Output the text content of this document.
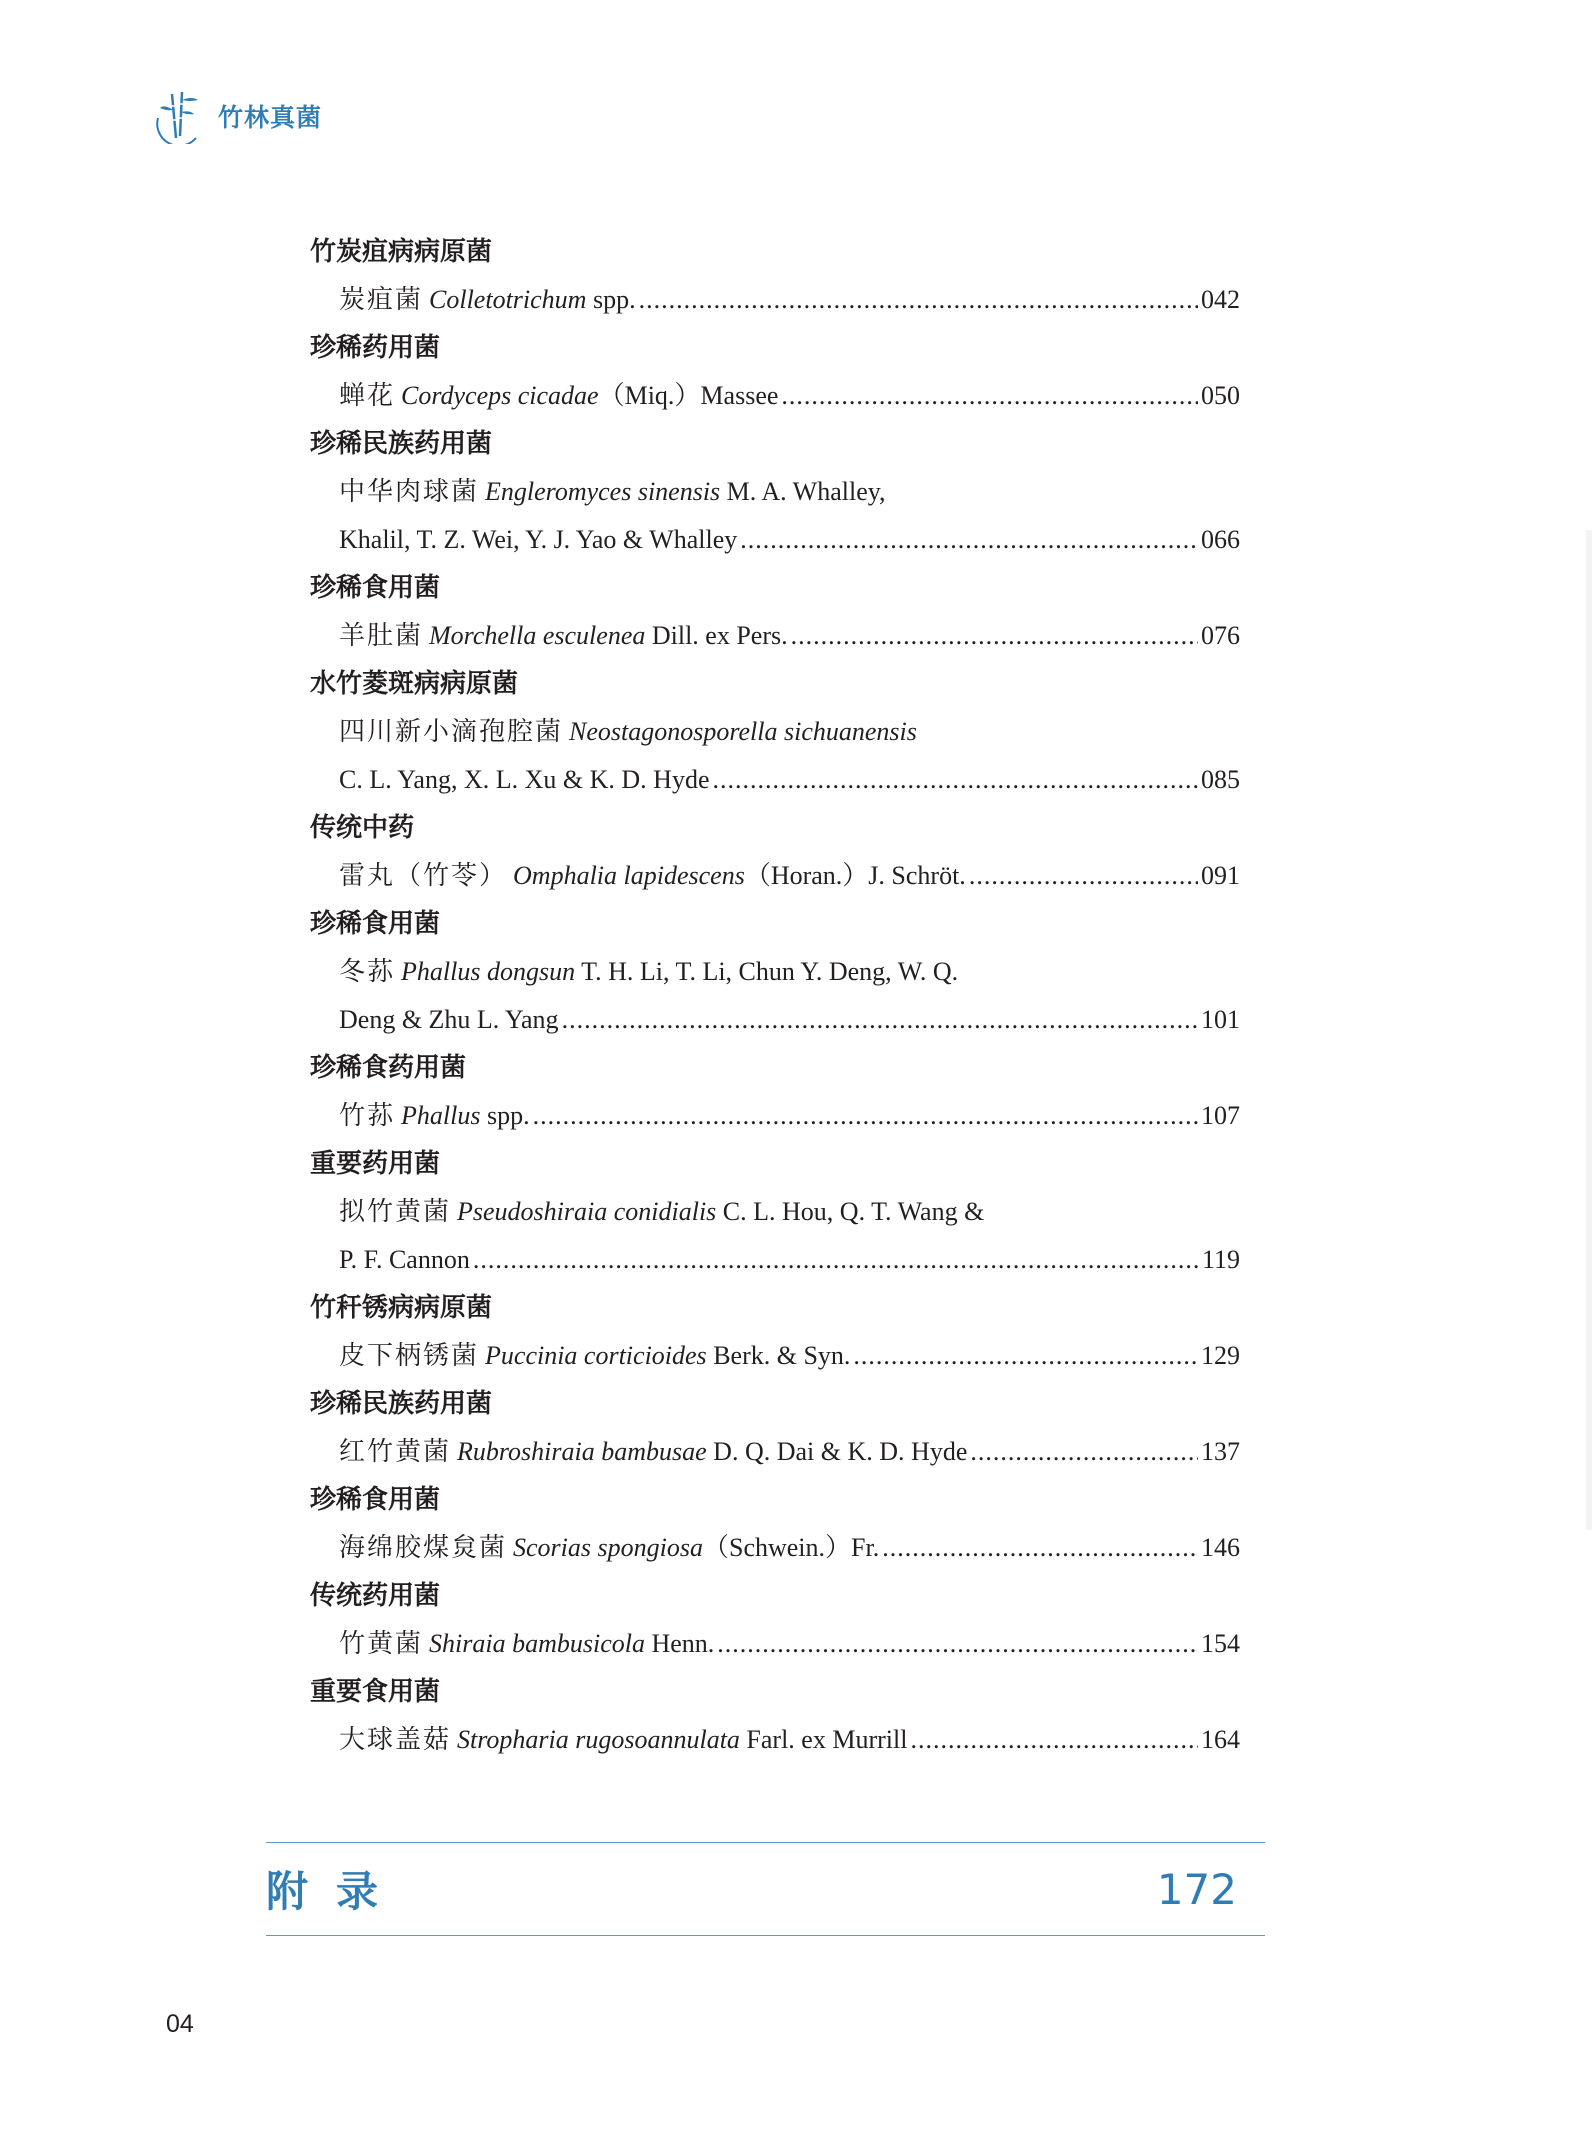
竹林真菌
竹炭疽病病原菌
炭疽菌 Colletotrichum spp. .....	042
珍稀药用菌
蝉花 Cordyceps cicadae（Miq.）Massee .....	050
珍稀民族药用菌
中华肉球菌 Engleromyces sinensis M. A. Whalley,
Khalil, T. Z. Wei, Y. J. Yao & Whalley .....	066
珍稀食用菌
羊肚菌 Morchella esculenea Dill. ex Pers. .....	076
水竹菱斑病病原菌
四川新小滴孢腔菌 Neostagonosporella sichuanensis
C. L. Yang, X. L. Xu & K. D. Hyde .....	085
传统中药
雷丸（竹苓） Omphalia lapidescens（Horan.）J. Schröt. .....	091
珍稀食用菌
冬荪 Phallus dongsun T. H. Li, T. Li, Chun Y. Deng, W. Q.
Deng & Zhu L. Yang .....	101
珍稀食药用菌
竹荪 Phallus spp. .....	107
重要药用菌
拟竹黄菌 Pseudoshiraia conidialis C. L. Hou, Q. T. Wang &
P. F. Cannon .....	119
竹秆锈病病原菌
皮下柄锈菌 Puccinia corticioides Berk. & Syn. .....	129
珍稀民族药用菌
红竹黄菌 Rubroshiraia bambusae D. Q. Dai & K. D. Hyde .....	137
珍稀食用菌
海绵胶煤炱菌 Scorias spongiosa（Schwein.）Fr. .....	146
传统药用菌
竹黄菌 Shiraia bambusicola Henn. .....	154
重要食用菌
大球盖菇 Stropharia rugosoannulata Farl. ex Murrill .....	164
附录	172
04
